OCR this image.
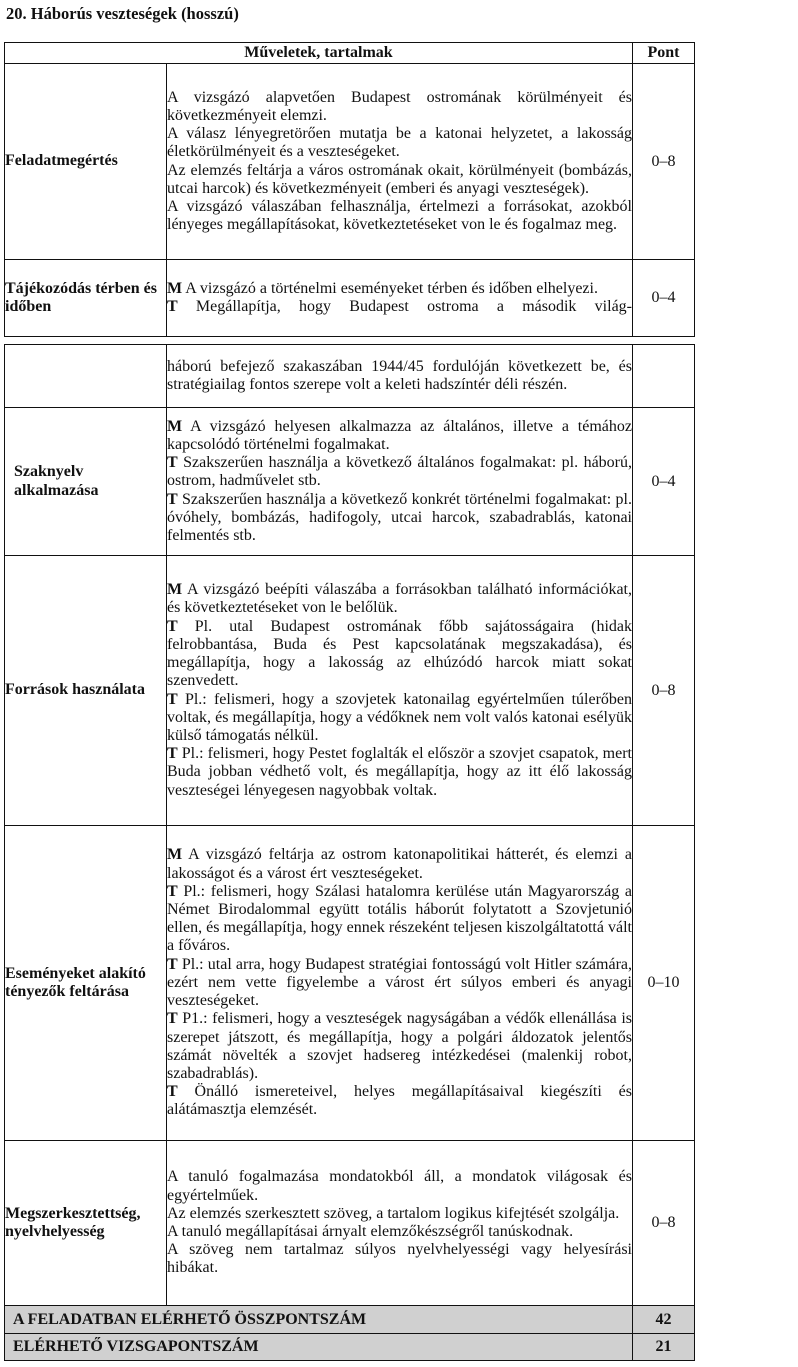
20. Háborús veszteségek (hosszú)
Műveletek, tartalmak		Pont
Feladatmegértés	A vizsgázó alapvetően Budapest ostromának körülményeit és következményeit elemzi.

A válasz lényegretörően mutatja be a katonai helyzetet, a lakosság életkörülményeit és a veszteségeket.

Az elemzés feltárja a város ostromának okait, körülményeit (bombázás, utcai harcok) és következményeit (emberi és anyagi veszteségek).

A vizsgázó válaszában felhasználja, értelmezi a forrásokat, azokból lényeges megállapításokat, következtetéseket von le és fogalmaz meg.	0–8
Tájékozódás térben és időben	M A vizsgázó a történelmi eseményeket térben és időben elhelyezi.

T Megállapítja, hogy Budapest ostroma a második világ-	0–4

	háború befejező szakaszában 1944/45 fordulóján következett be, és stratégiailag fontos szerepe volt a keleti hadszíntér déli részén.	

Szaknyelv alkalmazása	M A vizsgázó helyesen alkalmazza az általános, illetve a témához kapcsolódó történelmi fogalmakat.

T Szakszerűen használja a következő általános fogalmakat: pl. háború, ostrom, hadművelet stb.

T Szakszerűen használja a következő konkrét történelmi fogalmakat: pl. óvóhely, bombázás, hadifogoly, utcai harcok, szabadrablás, katonai felmentés stb.	0–4
Források használata	M A vizsgázó beépíti válaszába a forrásokban található információkat, és következtetéseket von le belőlük.

T Pl. utal Budapest ostromának főbb sajátosságaira (hidak felrobbantása, Buda és Pest kapcsolatának megszakadása), és megállapítja, hogy a lakosság az elhúzódó harcok miatt sokat szenvedett.

T Pl.: felismeri, hogy a szovjetek katonailag egyértelműen túlerőben voltak, és megállapítja, hogy a védőknek nem volt valós katonai esélyük külső támogatás nélkül.

T Pl.: felismeri, hogy Pestet foglalták el először a szovjet csapatok, mert Buda jobban védhető volt, és megállapítja, hogy az itt élő lakosság veszteségei lényegesen nagyobbak voltak.	0–8
Eseményeket alakító tényezők feltárása	M A vizsgázó feltárja az ostrom katonapolitikai hátterét, és elemzi a lakosságot és a várost ért veszteségeket.

T Pl.: felismeri, hogy Szálasi hatalomra kerülése után Magyarország a Német Birodalommal együtt totális háborút folytatott a Szovjetunió ellen, és megállapítja, hogy ennek részeként teljesen kiszolgáltatottá vált a főváros.

T Pl.: utal arra, hogy Budapest stratégiai fontosságú volt Hitler számára, ezért nem vette figyelembe a várost ért súlyos emberi és anyagi veszteségeket.

T P1.: felismeri, hogy a veszteségek nagyságában a védők ellenállása is szerepet játszott, és megállapítja, hogy a polgári áldozatok jelentős számát növelték a szovjet hadsereg intézkedései (malenkij robot, szabadrablás).

T Önálló ismereteivel, helyes megállapításaival kiegészíti és alátámasztja elemzését.	0–10
Megszerkesztettség, nyelvhelyesség	A tanuló fogalmazása mondatokból áll, a mondatok világosak és egyértelműek.

Az elemzés szerkesztett szöveg, a tartalom logikus kifejtését szolgálja.

A tanuló megállapításai árnyalt elemzőkészségről tanúskodnak.

A szöveg nem tartalmaz súlyos nyelvhelyességi vagy helyesírási hibákat.	0–8
A FELADATBAN ELÉRHETŐ ÖSSZPONTSZÁM		42
ELÉRHETŐ VIZSGAPONTSZÁM		21
